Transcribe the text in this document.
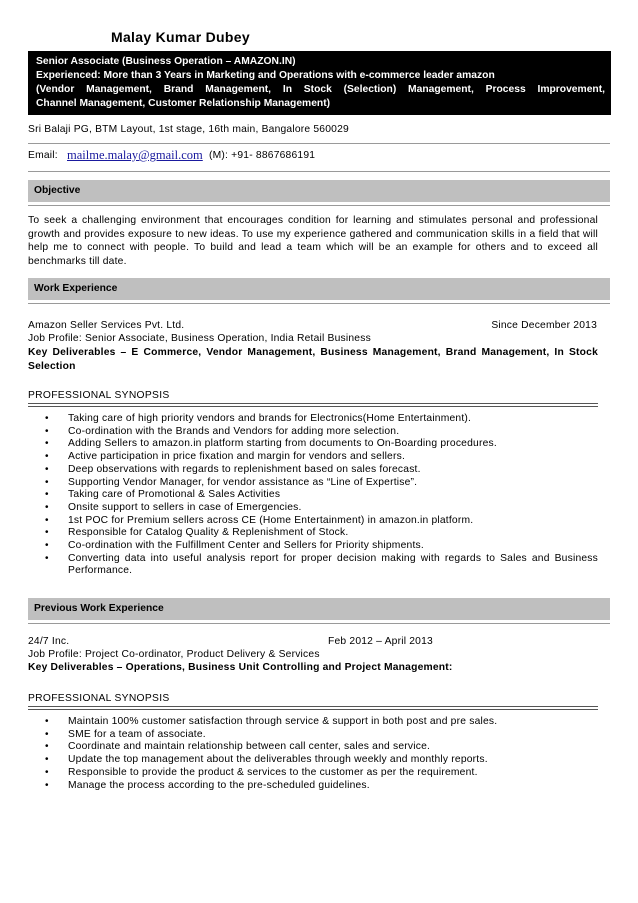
Malay Kumar Dubey
Senior Associate (Business Operation – AMAZON.IN)
Experienced: More than 3 Years in Marketing and Operations with e-commerce leader amazon
(Vendor Management, Brand Management, In Stock (Selection) Management, Process Improvement,
Channel Management, Customer Relationship Management)
Sri Balaji PG, BTM Layout, 1st stage, 16th main, Bangalore 560029
Email: mailme.malay@gmail.com (M): +91- 8867686191
Objective
To seek a challenging environment that encourages condition for learning and stimulates personal and professional growth and provides exposure to new ideas. To use my experience gathered and communication skills in a field that will help me to connect with people. To build and lead a team which will be an example for others and to exceed all benchmarks till date.
Work Experience
Amazon Seller Services Pvt. Ltd.	Since December 2013
Job Profile: Senior Associate, Business Operation, India Retail Business
Key Deliverables – E Commerce, Vendor Management, Business Management, Brand Management, In Stock Selection
PROFESSIONAL SYNOPSIS
• Taking care of high priority vendors and brands for Electronics(Home Entertainment).
• Co-ordination with the Brands and Vendors for adding more selection.
• Adding Sellers to amazon.in platform starting from documents to On-Boarding procedures.
• Active participation in price fixation and margin for vendors and sellers.
• Deep observations with regards to replenishment based on sales forecast.
• Supporting Vendor Manager, for vendor assistance as “Line of Expertise”.
• Taking care of Promotional & Sales Activities
• Onsite support to sellers in case of Emergencies.
• 1st POC for Premium sellers across CE (Home Entertainment) in amazon.in platform.
• Responsible for Catalog Quality & Replenishment of Stock.
• Co-ordination with the Fulfillment Center and Sellers for Priority shipments.
• Converting data into useful analysis report for proper decision making with regards to Sales and Business Performance.
Previous Work Experience
24/7 Inc.	Feb 2012 – April 2013
Job Profile: Project Co-ordinator, Product Delivery & Services
Key Deliverables – Operations, Business Unit Controlling and Project Management:
PROFESSIONAL SYNOPSIS
• Maintain 100% customer satisfaction through service & support in both post and pre sales.
• SME for a team of associate.
• Coordinate and maintain relationship between call center, sales and service.
• Update the top management about the deliverables through weekly and monthly reports.
• Responsible to provide the product & services to the customer as per the requirement.
• Manage the process according to the pre-scheduled guidelines.
